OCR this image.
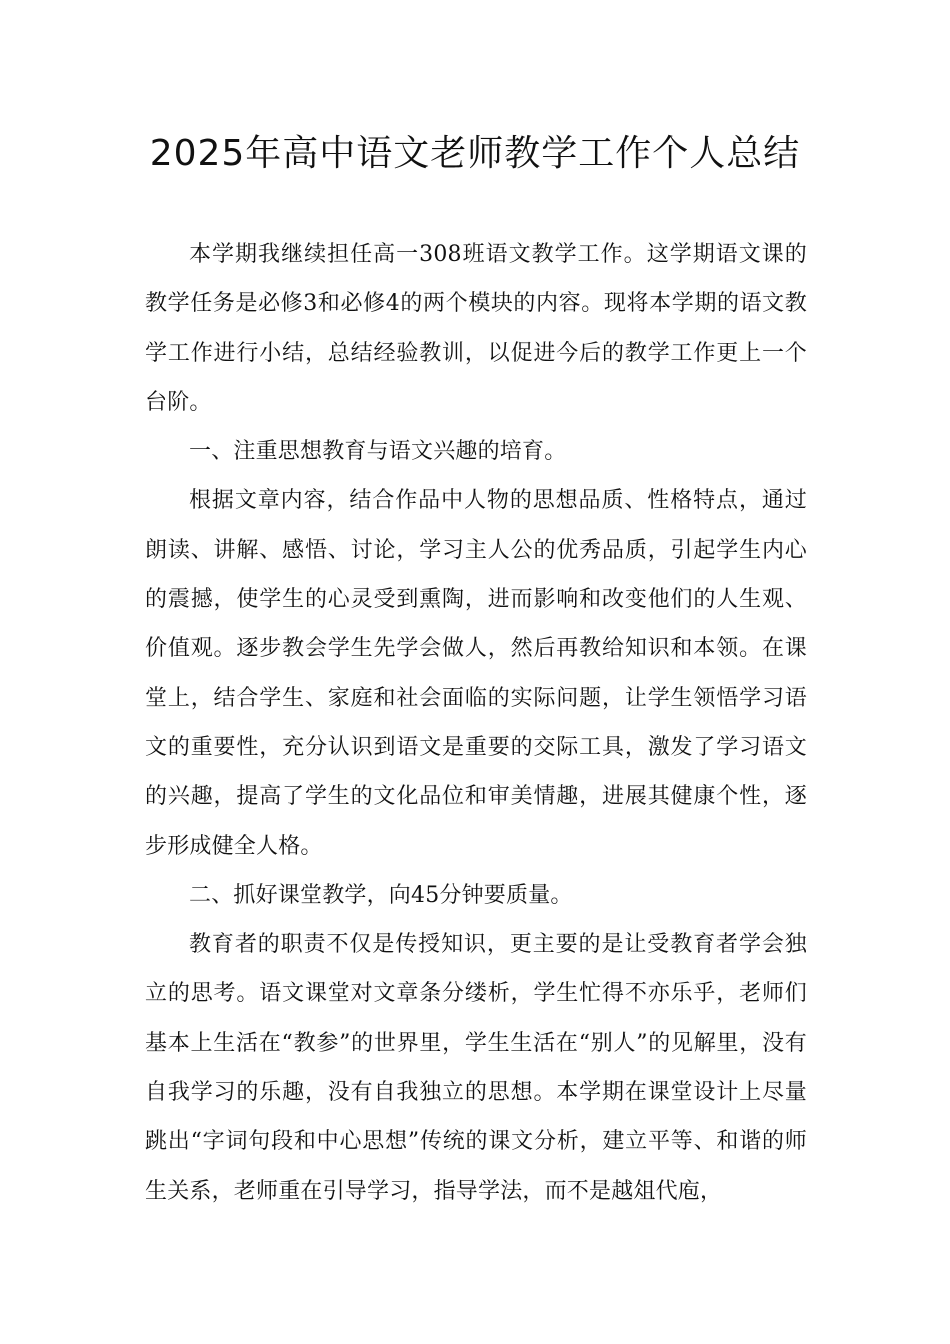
2025年高中语文老师教学工作个人总结

本学期我继续担任高一308班语文教学工作。这学期语文课的教学任务是必修3和必修4的两个模块的内容。现将本学期的语文教学工作进行小结，总结经验教训，以促进今后的教学工作更上一个台阶。

一、注重思想教育与语文兴趣的培育。

根据文章内容，结合作品中人物的思想品质、性格特点，通过朗读、讲解、感悟、讨论，学习主人公的优秀品质，引起学生内心的震撼，使学生的心灵受到熏陶，进而影响和改变他们的人生观、价值观。逐步教会学生先学会做人，然后再教给知识和本领。在课堂上，结合学生、家庭和社会面临的实际问题，让学生领悟学习语文的重要性，充分认识到语文是重要的交际工具，激发了学习语文的兴趣，提高了学生的文化品位和审美情趣，进展其健康个性，逐步形成健全人格。

二、抓好课堂教学，向45分钟要质量。

教育者的职责不仅是传授知识，更主要的是让受教育者学会独立的思考。语文课堂对文章条分缕析，学生忙得不亦乐乎，老师们基本上生活在“教参”的世界里，学生生活在“别人”的见解里，没有自我学习的乐趣，没有自我独立的思想。本学期在课堂设计上尽量跳出“字词句段和中心思想”传统的课文分析，建立平等、和谐的师生关系，老师重在引导学习，指导学法，而不是越俎代庖，
